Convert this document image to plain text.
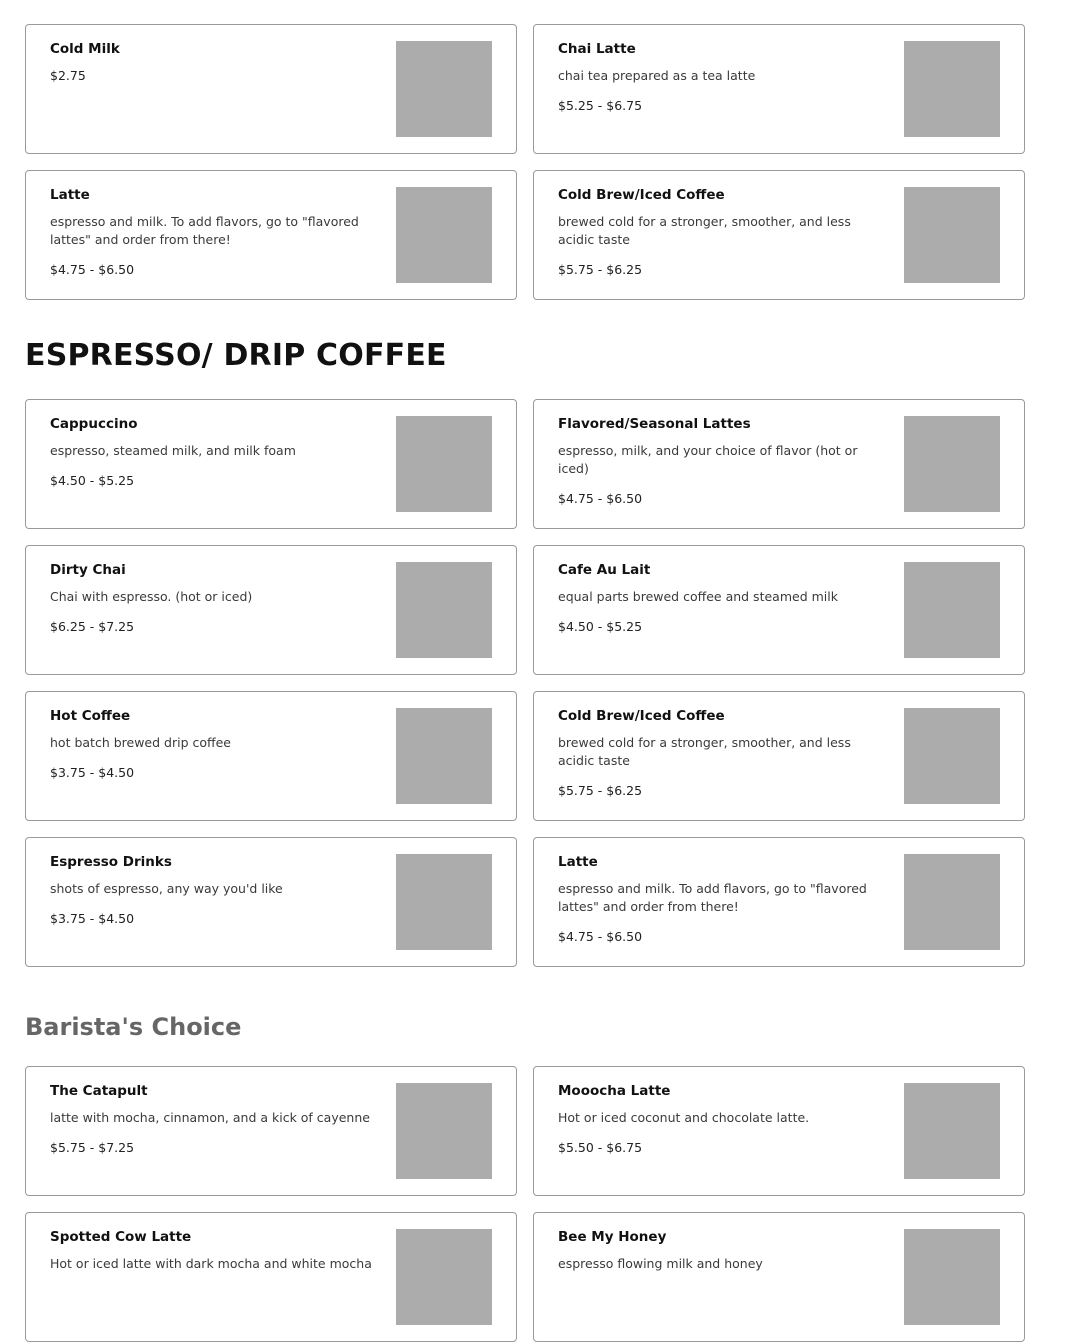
Cold Milk
$2.75
Chai Latte
chai tea prepared as a tea latte
$5.25 - $6.75
Latte
espresso and milk. To add flavors, go to "flavored lattes" and order from there!
$4.75 - $6.50
Cold Brew/Iced Coffee
brewed cold for a stronger, smoother, and less acidic taste
$5.75 - $6.25
ESPRESSO/ DRIP COFFEE
Cappuccino
espresso, steamed milk, and milk foam
$4.50 - $5.25
Flavored/Seasonal Lattes
espresso, milk, and your choice of flavor (hot or iced)
$4.75 - $6.50
Dirty Chai
Chai with espresso. (hot or iced)
$6.25 - $7.25
Cafe Au Lait
equal parts brewed coffee and steamed milk
$4.50 - $5.25
Hot Coffee
hot batch brewed drip coffee
$3.75 - $4.50
Cold Brew/Iced Coffee
brewed cold for a stronger, smoother, and less acidic taste
$5.75 - $6.25
Espresso Drinks
shots of espresso, any way you'd like
$3.75 - $4.50
Latte
espresso and milk. To add flavors, go to "flavored lattes" and order from there!
$4.75 - $6.50
Barista's Choice
The Catapult
latte with mocha, cinnamon, and a kick of cayenne
$5.75 - $7.25
Mooocha Latte
Hot or iced coconut and chocolate latte.
$5.50 - $6.75
Spotted Cow Latte
Hot or iced latte with dark mocha and white mocha
Bee My Honey
espresso flowing milk and honey
